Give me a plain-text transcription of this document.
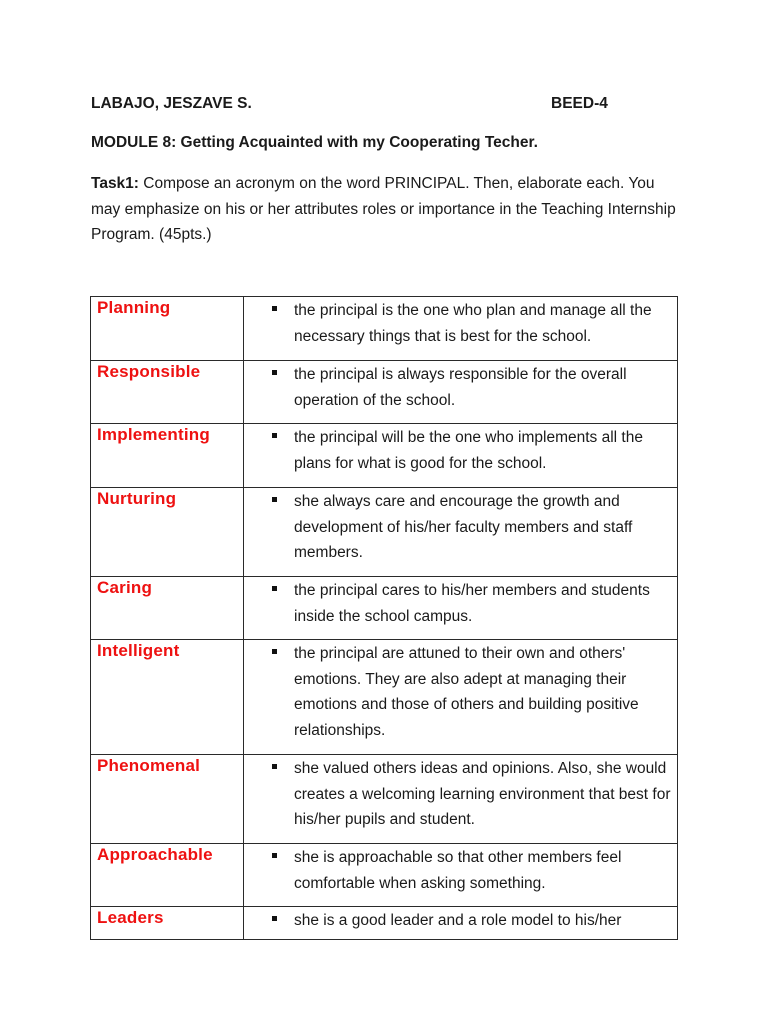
LABAJO, JESZAVE S.	BEED-4
MODULE 8: Getting Acquainted with my Cooperating Techer.
Task1: Compose an acronym on the word PRINCIPAL. Then, elaborate each. You may emphasize on his or her attributes roles or importance in the Teaching Internship Program. (45pts.)
Planning	the principal is the one who plan and manage all the necessary things that is best for the school.

Responsible	the principal is always responsible for the overall operation of the school.

Implementing	the principal will be the one who implements all the plans for what is good for the school.

Nurturing	she always care and encourage the growth and development of his/her faculty members and staff members.

Caring	the principal cares to his/her members and students inside the school campus.

Intelligent	the principal are attuned to their own and others' emotions. They are also adept at managing their emotions and those of others and building positive relationships.

Phenomenal	she valued others ideas and opinions. Also, she would creates a welcoming learning environment that best for his/her pupils and student.

Approachable	she is approachable so that other members feel comfortable when asking something.

Leaders	she is a good leader and a role model to his/her
